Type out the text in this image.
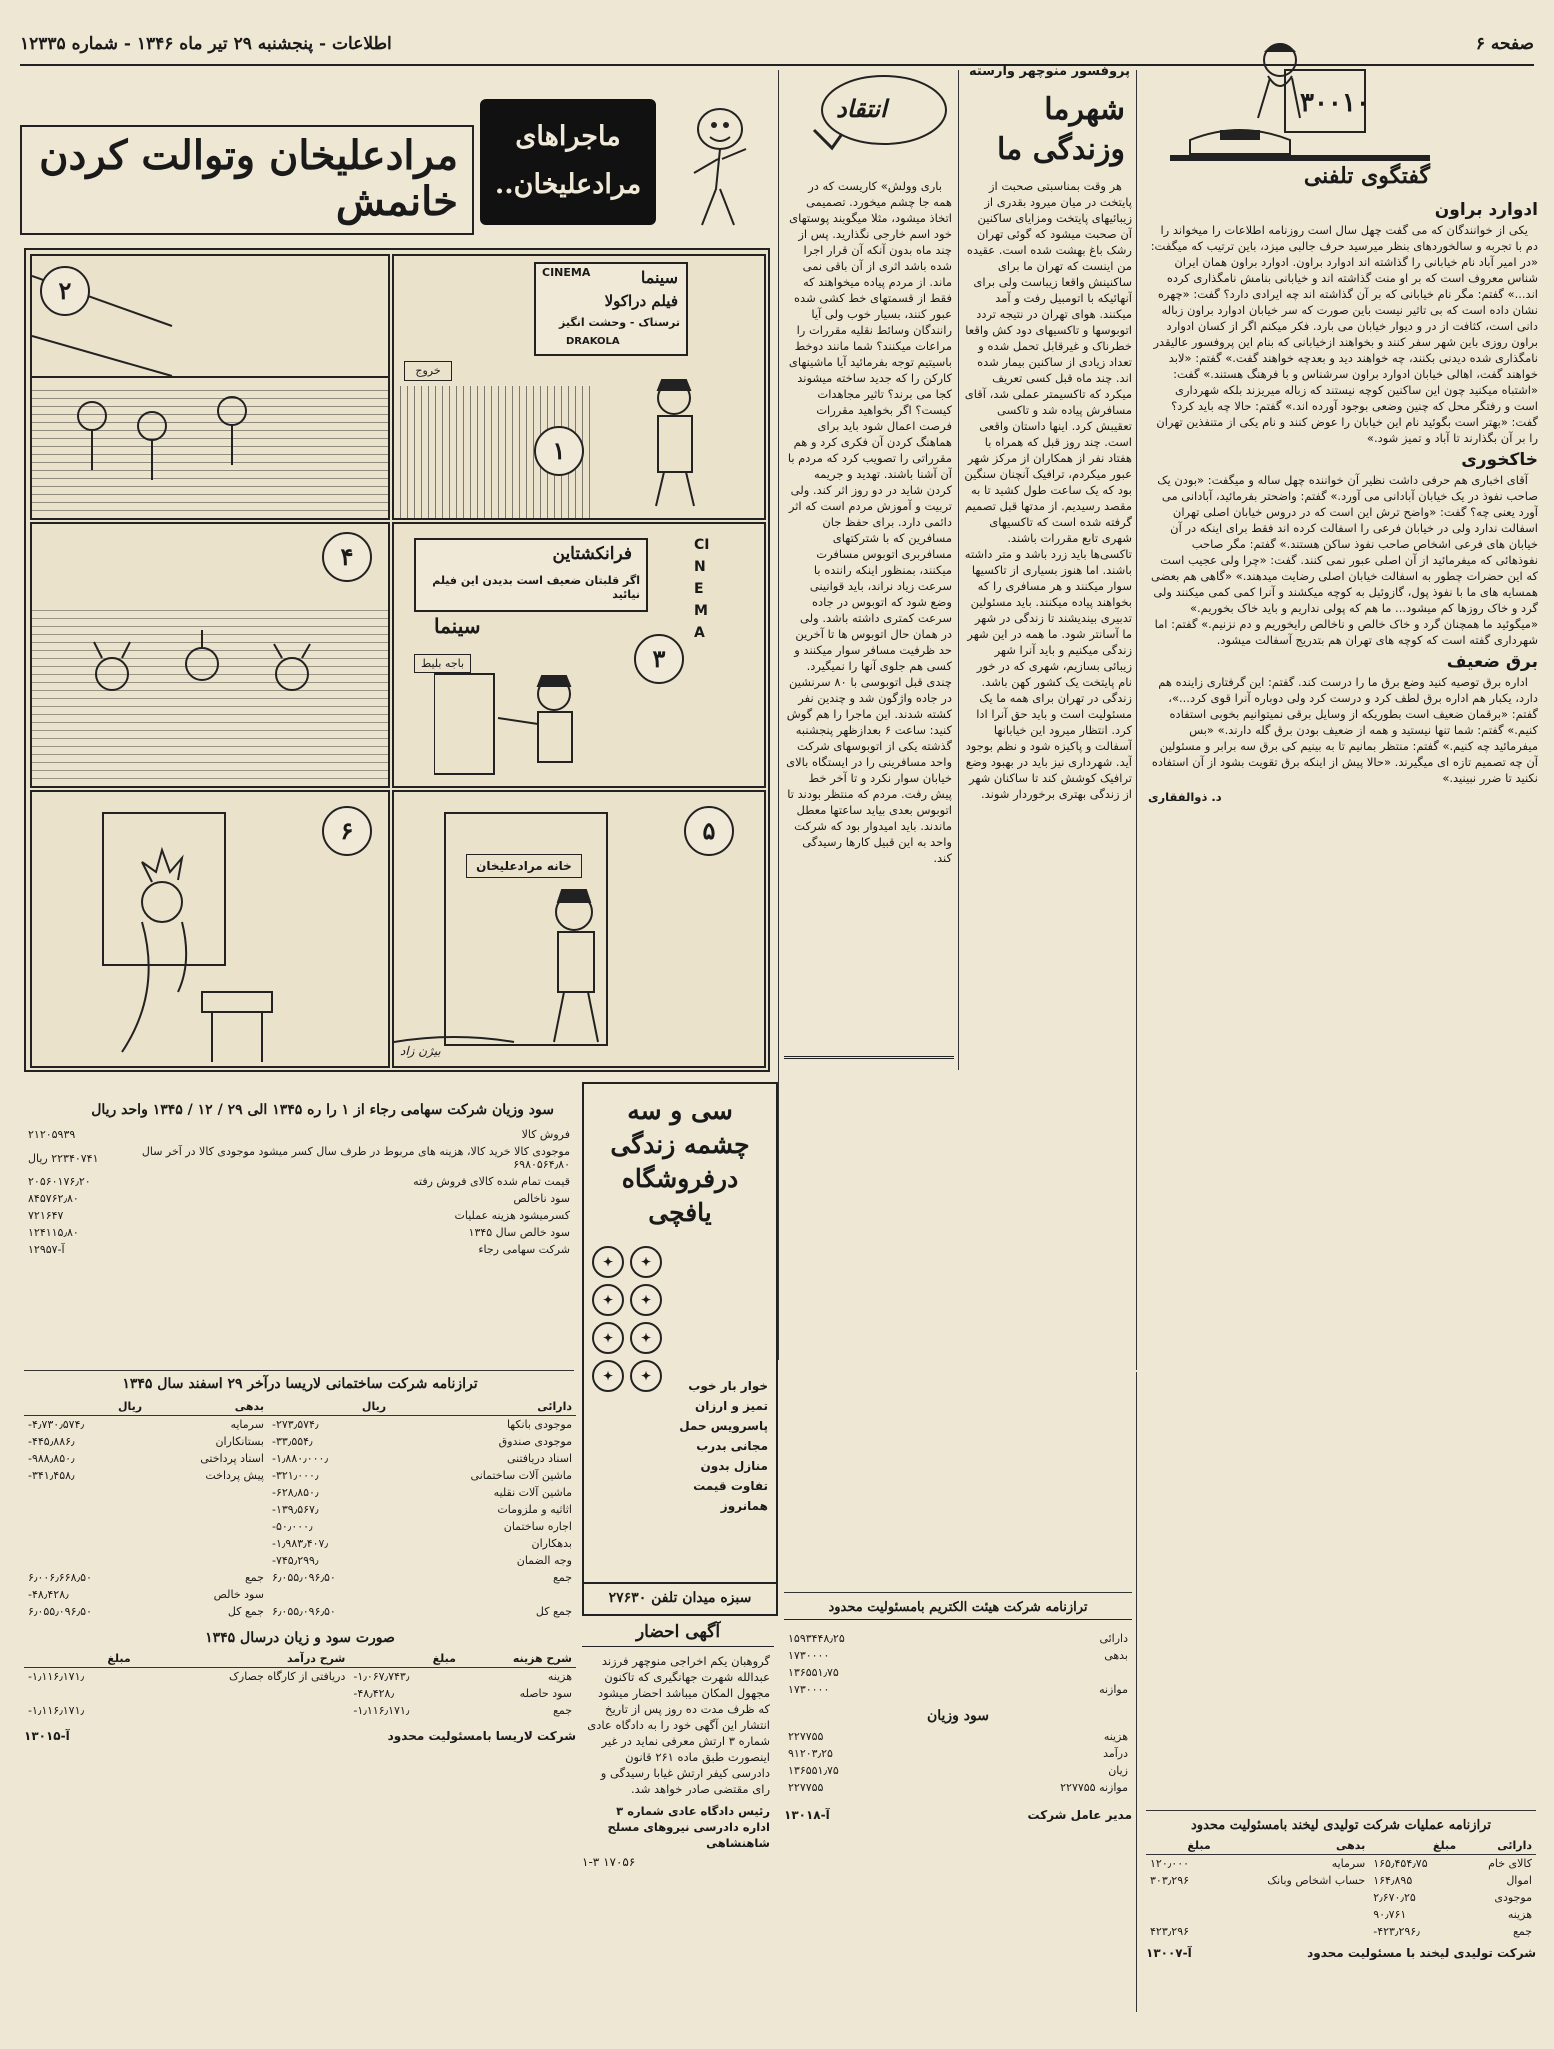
اطلاعات - پنجشنبه ۲۹ تیر ماه ۱۳۴۶ - شماره ۱۲۳۳۵	صفحه ۶
۳۰۰۱۰
گفتگوی تلفنی
ادوارد براون

یکی از خوانندگان که می گفت چهل سال است روزنامه اطلاعات را میخواند را دم با تجربه و سالخوردهای بنظر میرسید حرف جالبی میزد، باین ترتیب که میگفت: «در امیر آباد نام خیابانی را گذاشته اند ادوارد براون. ادوارد براون همان ایران شناس معروف است که بر او منت گذاشته اند و خیابانی بنامش نامگذاری کرده اند...» گفتم: مگر نام خیابانی که بر آن گذاشته اند چه ایرادی دارد؟ گفت: «چهره نشان داده است که بی تاثیر نیست باین صورت که سر خیابان ادوارد براون زباله دانی است، کثافت از در و دیوار خیابان می بارد. فکر میکنم اگر از کسان ادوارد براون روزی باین شهر سفر کنند و بخواهند ازخیابانی که بنام این پروفسور عالیقدر نامگذاری شده دیدنی بکنند، چه خواهند دید و بعدچه خواهند گفت.» گفتم: «لابد خواهند گفت، اهالی خیابان ادوارد براون سرشناس و با فرهنگ هستند.» گفت: «اشتباه میکنید چون این ساکنین کوچه نیستند که زباله میریزند بلکه شهرداری است و رفتگر محل که چنین وضعی بوجود آورده اند.» گفتم: حالا چه باید کرد؟ گفت: «بهتر است بگوئید نام این خیابان را عوض کنند و نام یکی از متنفذین تهران را بر آن بگذارند تا آباد و تمیز شود.»

خاکخوری

آقای اخباری هم حرفی داشت نظیر آن خواننده چهل ساله و میگفت: «بودن یک صاحب نفوذ در یک خیابان آبادانی می آورد.» گفتم: واضحتر بفرمائید، آبادانی می آورد یعنی چه؟ گفت: «واضح ترش این است که در دروس خیابان اصلی تهران اسفالت ندارد ولی در خیابان فرعی را اسفالت کرده اند فقط برای اینکه در آن خیابان های فرعی اشخاص صاحب نفوذ ساکن هستند.» گفتم: مگر صاحب نفوذهائی که میفرمائید از آن اصلی عبور نمی کنند. گفت: «چرا ولی عجیب است که این حضرات چطور به اسفالت خیابان اصلی رضایت میدهند.» «گاهی هم بعضی همسایه های ما با نفوذ پول، گازوئیل به کوچه میکشند و آنرا کمی کمی میکنند ولی گرد و خاک روزها کم میشود... ما هم که پولی نداریم و باید خاک بخوریم.» «میگوئید ما همچنان گرد و خاک خالص و ناخالص رایخوریم و دم نزنیم.» گفتم: اما شهرداری گفته است که کوچه های تهران هم بتدریج آسفالت میشود.

برق ضعیف

اداره برق توصیه کنید وضع برق ما را درست کند. گفتم: این گرفتاری زاینده هم دارد، یکبار هم اداره برق لطف کرد و درست کرد ولی دوباره آنرا قوی کرد...»، گفتم: «برقمان ضعیف است بطوریکه از وسایل برقی نمیتوانیم بخوبی استفاده کنیم.» گفتم: شما تنها نیستید و همه از ضعیف بودن برق گله دارند.» «بس میفرمائید چه کنیم.» گفتم: منتظر بمانیم تا به بینیم کی برق سه برابر و مسئولین آن چه تصمیم تازه ای میگیرند. «حالا پیش از اینکه برق تقویت بشود از آن استفاده نکنید تا ضرر نبینید.»

د. ذوالفقاری

انتقاد
پروفسور منوچهر وارسته
شهرما وزندگی ما

هر وقت بمناسبتی صحبت از پایتخت در میان میرود بقدری از زیبائیهای پایتخت ومزایای ساکنین آن صحبت میشود که گوئی تهران رشک باغ بهشت شده است. عقیده من اینست که تهران ما برای ساکنینش واقعا زیباست ولی برای آنهائیکه با اتومبیل رفت و آمد میکنند. هوای تهران در نتیجه تردد اتوبوسها و تاکسیهای دود کش واقعا خطرناک و غیرقابل تحمل شده و تعداد زیادی از ساکنین بیمار شده اند. چند ماه قبل کسی تعریف میکرد که تاکسیمتر عملی شد، آقای مسافرش پیاده شد و تاکسی تعقیبش کرد. اینها داستان واقعی است. چند روز قبل که همراه با هفتاد نفر از همکاران از مرکز شهر عبور میکردم، ترافیک آنچنان سنگین بود که یک ساعت طول کشید تا به مقصد رسیدیم. از مدتها قبل تصمیم گرفته شده است که تاکسیهای شهری تابع مقررات باشند. تاکسی‌ها باید زرد باشد و متر داشته باشند. اما هنوز بسیاری از تاکسیها سوار میکنند و هر مسافری را که بخواهند پیاده میکنند. باید مسئولین تدبیری بیندیشند تا زندگی در شهر ما آسانتر شود. ما همه در این شهر زندگی میکنیم و باید آنرا شهر زیبائی بسازیم، شهری که در خور نام پایتخت یک کشور کهن باشد. زندگی در تهران برای همه ما یک مسئولیت است و باید حق آنرا ادا کرد. انتظار میرود این خیابانها آسفالت و پاکیزه شود و نظم بوجود آید. شهرداری نیز باید در بهبود وضع ترافیک کوشش کند تا ساکنان شهر از زندگی بهتری برخوردار شوند.

باری وولش» کاریست که در همه جا چشم میخورد. تصمیمی اتخاذ میشود، مثلا میگویند پوستهای خود اسم خارجی نگذارید. پس از چند ماه بدون آنکه آن قرار اجرا شده باشد اثری از آن باقی نمی ماند. از مردم پیاده میخواهند که فقط از قسمتهای خط کشی شده عبور کنند، بسیار خوب ولی آیا رانندگان وسائط نقلیه مقررات را مراعات میکنند؟ شما مانند دوخط باسیتیم توجه بفرمائید آیا ماشینهای کارکن را که جدید ساخته میشوند کجا می برند؟ تاثیر مجاهدات کیست؟ اگر بخواهید مقررات فرصت اعمال شود باید برای هماهنگ کردن آن فکری کرد و هم مقرراتی را تصویب کرد که مردم با آن آشنا باشند. تهدید و جریمه کردن شاید در دو روز اثر کند. ولی تربیت و آموزش مردم است که اثر دائمی دارد. برای حفظ جان مسافرین که با شترکتهای مسافربری اتوبوس مسافرت میکنند، بمنظور اینکه راننده با سرعت زیاد نراند، باید قوانینی وضع شود که اتوبوس در جاده سرعت کمتری داشته باشد. ولی در همان حال اتوبوس ها تا آخرین حد ظرفیت مسافر سوار میکنند و کسی هم جلوی آنها را نمیگیرد. چندی قبل اتوبوسی با ۸۰ سرنشین در جاده واژگون شد و چندین نفر کشته شدند. این ماجرا را هم گوش کنید: ساعت ۶ بعدازظهر پنجشنبه گذشته یکی از اتوبوسهای شرکت واحد مسافرینی را در ایستگاه بالای خیابان سوار نکرد و تا آخر خط پیش رفت. مردم که منتظر بودند تا اتوبوس بعدی بیاید ساعتها معطل ماندند. باید امیدوار بود که شرکت واحد به این قبیل کارها رسیدگی کند.

ماجراهای مرادعلیخان..
مرادعلیخان وتوالت کردن خانمش
۲
CINEMA	سینما
فیلم دراکولا
ترسناک - وحشت انگیز
DRAKOLA
خروج
۱
۴	فرانکشتاین
اگر قلبتان ضعیف است بدیدن این فیلم نیائید
سینما
CINEMA
باجه بلیط	۳
۶
خانه مرادعلیخان
۵
بیژن زاد
سی و سه چشمه زندگی درفروشگاه یافچی
✦	✦
✦	✦
✦	✦
✦	✦
خوار بار خوب
تمیز و ارزان
پاسرویس حمل
مجانی بدرب
منازل بدون
تفاوت قیمت
همانروز
سبزه میدان تلفن ۲۷۶۳۰
آگهی احضار

گروهبان یکم اخراجی منوچهر فرزند عبدالله شهرت جهانگیری که تاکنون مجهول المکان میباشد احضار میشود که ظرف مدت ده روز پس از تاریخ انتشار این آگهی خود را به دادگاه عادی شماره ۳ ارتش معرفی نماید در غیر اینصورت طبق ماده ۲۶۱ قانون دادرسی کیفر ارتش غیابا رسیدگی و رای مقتضی صادر خواهد شد.

رئیس دادگاه عادی شماره ۳ اداره دادرسی نیروهای مسلح شاهنشاهی
۱۷۰۵۶ ۱-۳
سود وزیان شرکت سهامی رجاء از ۱ را ره ۱۳۴۵ الی ۲۹ / ۱۲ / ۱۳۴۵ واحد ریال
فروش کالا	۲۱۲۰۵۹۳۹
موجودی کالا خرید کالا، هزینه های مربوط در طرف سال کسر میشود موجودی کالا در آخر سال ۶۹۸۰۵۶۴٫۸۰	۲۲۳۴۰۷۴۱ ریال
قیمت تمام شده کالای فروش رفته	۲۰۵۶۰۱۷۶٫۲۰
سود ناخالص	۸۴۵۷۶۲٫۸۰
کسرمیشود هزینه عملیات	۷۲۱۶۴۷
سود خالص سال ۱۳۴۵	۱۲۴۱۱۵٫۸۰
شرکت سهامی رجاء	آ-۱۲۹۵۷
ترازنامه شرکت ساختمانی لاریسا درآخر ۲۹ اسفند سال ۱۳۴۵
دارائی	ریال	بدهی	ریال
موجودی بانکها	۲۷۳٫۵۷۴٫-	سرمایه	۴٫۷۳۰٫۵۷۴٫-
موجودی صندوق	۳۳٫۵۵۴٫-	بستانکاران	۴۴۵٫۸۸۶٫-
اسناد دریافتنی	۱٫۸۸۰٫۰۰۰٫-	اسناد پرداختی	۹۸۸٫۸۵۰٫-
ماشین آلات ساختمانی	۳۲۱٫۰۰۰٫-	پیش پرداخت	۳۴۱٫۴۵۸٫-
ماشین آلات نقلیه	۶۲۸٫۸۵۰٫-		
اثاثیه و ملزومات	۱۳۹٫۵۶۷٫-		
اجاره ساختمان	۵۰٫۰۰۰٫-		
بدهکاران	۱٫۹۸۳٫۴۰۷٫-		
وجه الضمان	۷۴۵٫۲۹۹٫-		
جمع	۶٫۰۵۵٫۰۹۶٫۵۰	جمع	۶٫۰۰۶٫۶۶۸٫۵۰
		سود خالص	۴۸٫۴۲۸٫-
جمع کل	۶٫۰۵۵٫۰۹۶٫۵۰	جمع کل	۶٫۰۵۵٫۰۹۶٫۵۰
صورت سود و زیان درسال ۱۳۴۵
شرح هزینه	مبلغ	شرح درآمد	مبلغ
هزینه	۱٫۰۶۷٫۷۴۳٫-	دریافتی از کارگاه جصارک	۱٫۱۱۶٫۱۷۱٫-
سود حاصله	۴۸٫۴۲۸٫-		
جمع	۱٫۱۱۶٫۱۷۱٫-		۱٫۱۱۶٫۱۷۱٫-
شرکت لاریسا بامسئولیت محدود
آ-۱۳۰۱۵
ترازنامه شرکت هیئت الکتریم بامسئولیت محدود
دارائی	۱۵۹۳۴۴۸٫۲۵
بدهی	۱۷۳۰۰۰۰
	۱۳۶۵۵۱٫۷۵
موازنه	۱۷۳۰۰۰۰
سود وزیان
هزینه	۲۲۷۷۵۵
درآمد	۹۱۲۰۳٫۲۵
زیان	۱۳۶۵۵۱٫۷۵
موازنه ۲۲۷۷۵۵	۲۲۷۷۵۵
مدیر عامل شرکت
آ-۱۳۰۱۸
ترازنامه عملیات شرکت تولیدی لیخند بامسئولیت محدود
دارائی	مبلغ	بدهی	مبلغ
کالای خام	۱۶۵٫۴۵۴٫۷۵	سرمایه	۱۲۰٫۰۰۰
اموال	۱۶۴٫۸۹۵	حساب اشخاص وبانک	۳۰۳٫۲۹۶
موجودی	۲٫۶۷۰٫۲۵		
هزینه	۹۰٫۷۶۱		
جمع	۴۲۳٫۲۹۶٫-		۴۲۳٫۲۹۶
شرکت تولیدی لیخند با مسئولیت محدود
آ-۱۳۰۰۷
